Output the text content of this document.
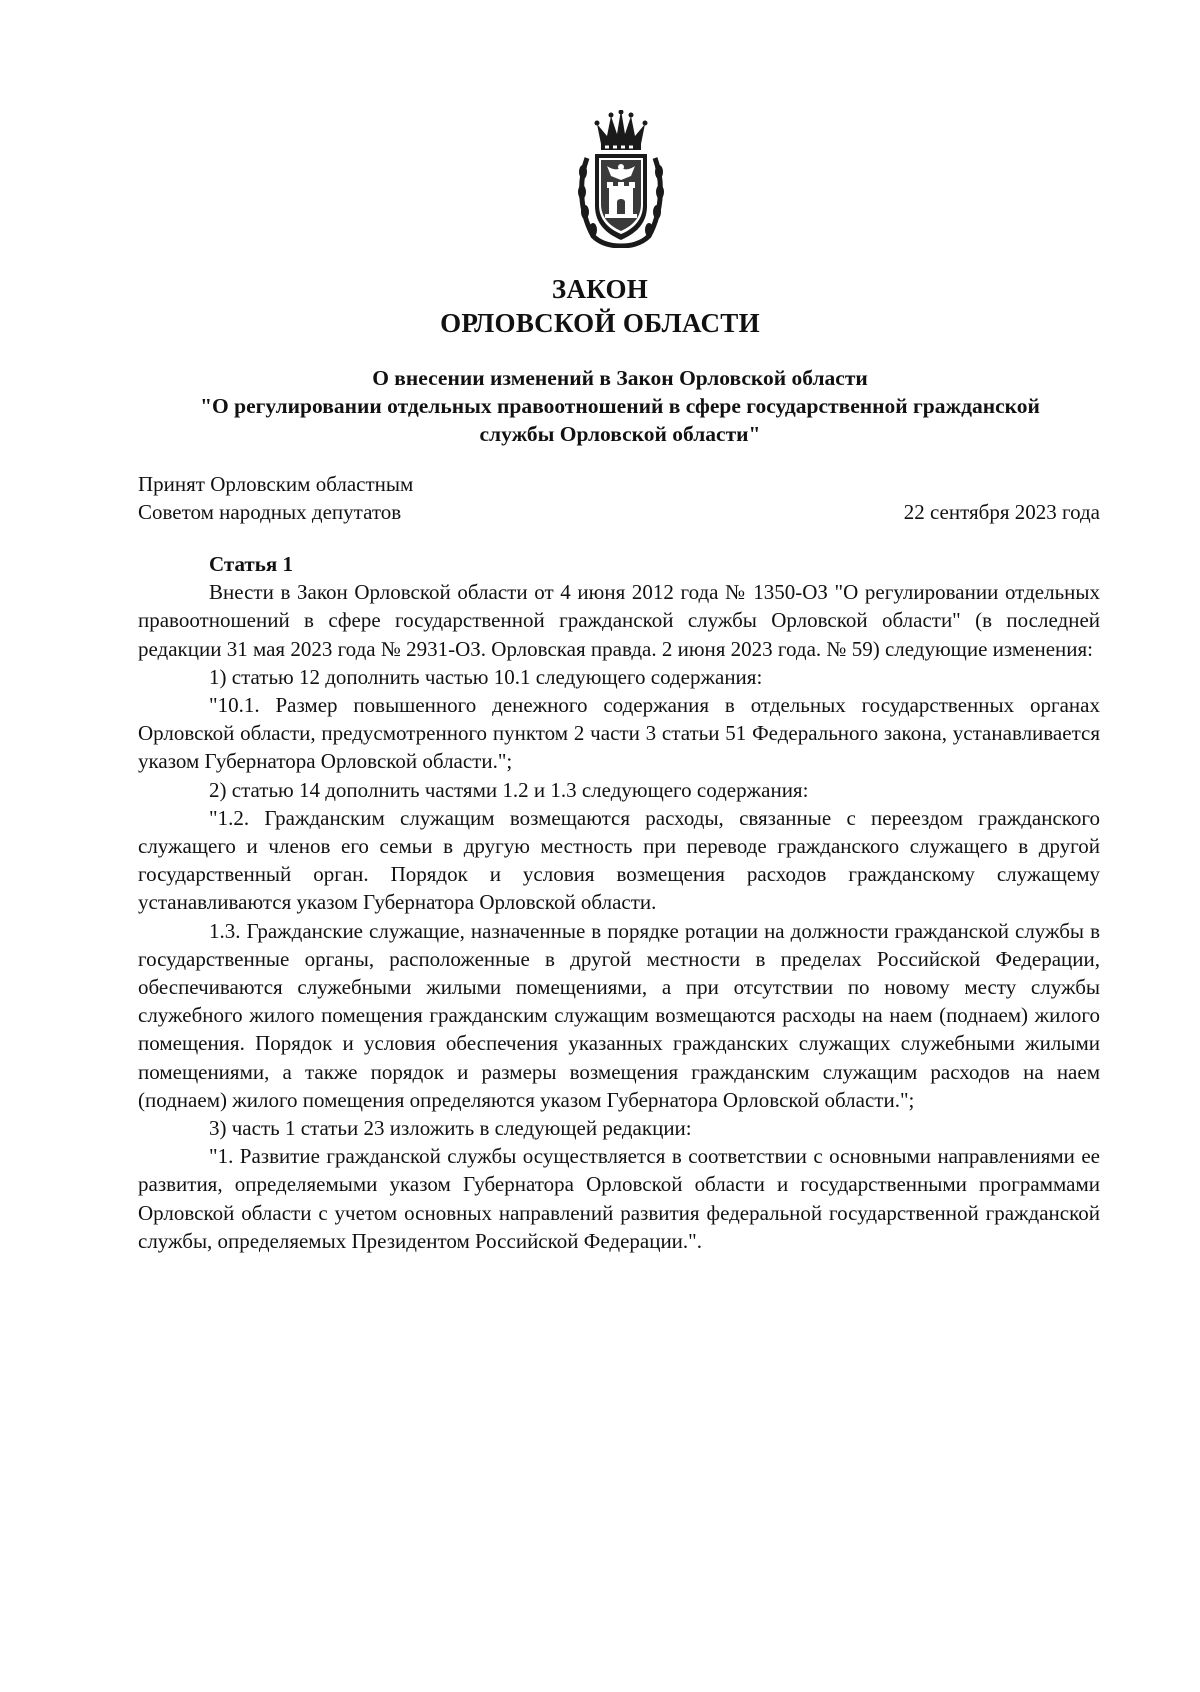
ЗАКОН
ОРЛОВСКОЙ ОБЛАСТИ
О внесении изменений в Закон Орловской области
"О регулировании отдельных правоотношений в сфере государственной гражданской
службы Орловской области"
Принят Орловским областным
Советом народных депутатов	22 сентября 2023 года

Статья 1

Внести в Закон Орловской области от 4 июня 2012 года № 1350-ОЗ "О регулировании отдельных правоотношений в сфере государственной гражданской службы Орловской области" (в последней редакции 31 мая 2023 года № 2931-ОЗ. Орловская правда. 2 июня 2023 года. № 59) следующие изменения:

1) статью 12 дополнить частью 10.1 следующего содержания:

"10.1. Размер повышенного денежного содержания в отдельных государственных органах Орловской области, предусмотренного пунктом 2 части 3 статьи 51 Федерального закона, устанавливается указом Губернатора Орловской области.";

2) статью 14 дополнить частями 1.2 и 1.3 следующего содержания:

"1.2. Гражданским служащим возмещаются расходы, связанные с переездом гражданского служащего и членов его семьи в другую местность при переводе гражданского служащего в другой государственный орган. Порядок и условия возмещения расходов гражданскому служащему устанавливаются указом Губернатора Орловской области.

1.3. Гражданские служащие, назначенные в порядке ротации на должности гражданской службы в государственные органы, расположенные в другой местности в пределах Российской Федерации, обеспечиваются служебными жилыми помещениями, а при отсутствии по новому месту службы служебного жилого помещения гражданским служащим возмещаются расходы на наем (поднаем) жилого помещения. Порядок и условия обеспечения указанных гражданских служащих служебными жилыми помещениями, а также порядок и размеры возмещения гражданским служащим расходов на наем (поднаем) жилого помещения определяются указом Губернатора Орловской области.";

3) часть 1 статьи 23 изложить в следующей редакции:

"1. Развитие гражданской службы осуществляется в соответствии с основными направлениями ее развития, определяемыми указом Губернатора Орловской области и государственными программами Орловской области с учетом основных направлений развития федеральной государственной гражданской службы, определяемых Президентом Российской Федерации.".
